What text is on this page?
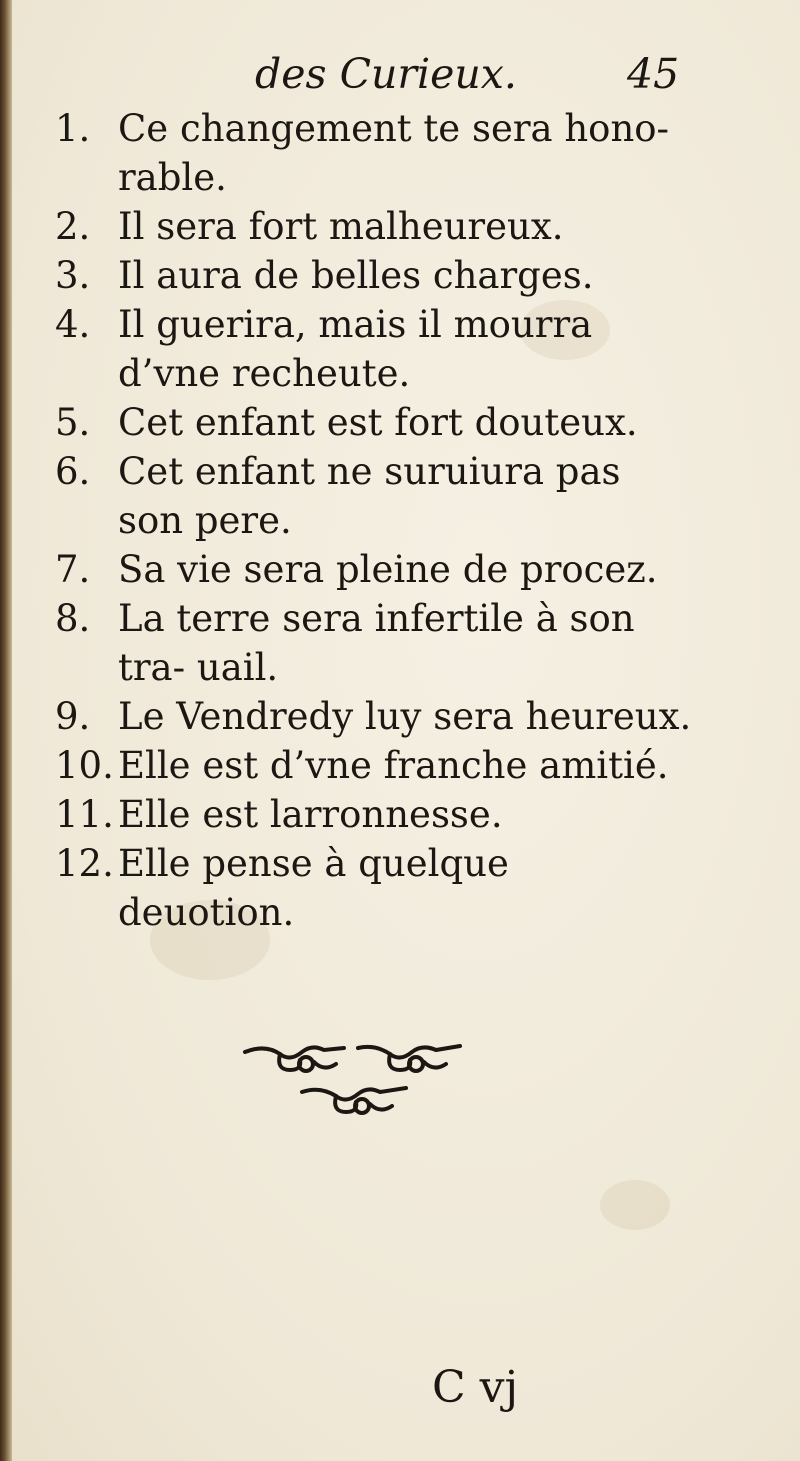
des Curieux.	45
1. Ce changement te sera hono- rable.
2. Il sera fort malheureux.
3. Il aura de belles charges.
4. Il guerira, mais il mourra d’vne recheute.
5. Cet enfant est fort douteux.
6. Cet enfant ne suruiura pas son pere.
7. Sa vie sera pleine de procez.
8. La terre sera infertile à son tra- uail.
9. Le Vendredy luy sera heureux.
10. Elle est d’vne franche amitié.
11. Elle est larronnesse.
12. Elle pense à quelque deuotion.
C vj
